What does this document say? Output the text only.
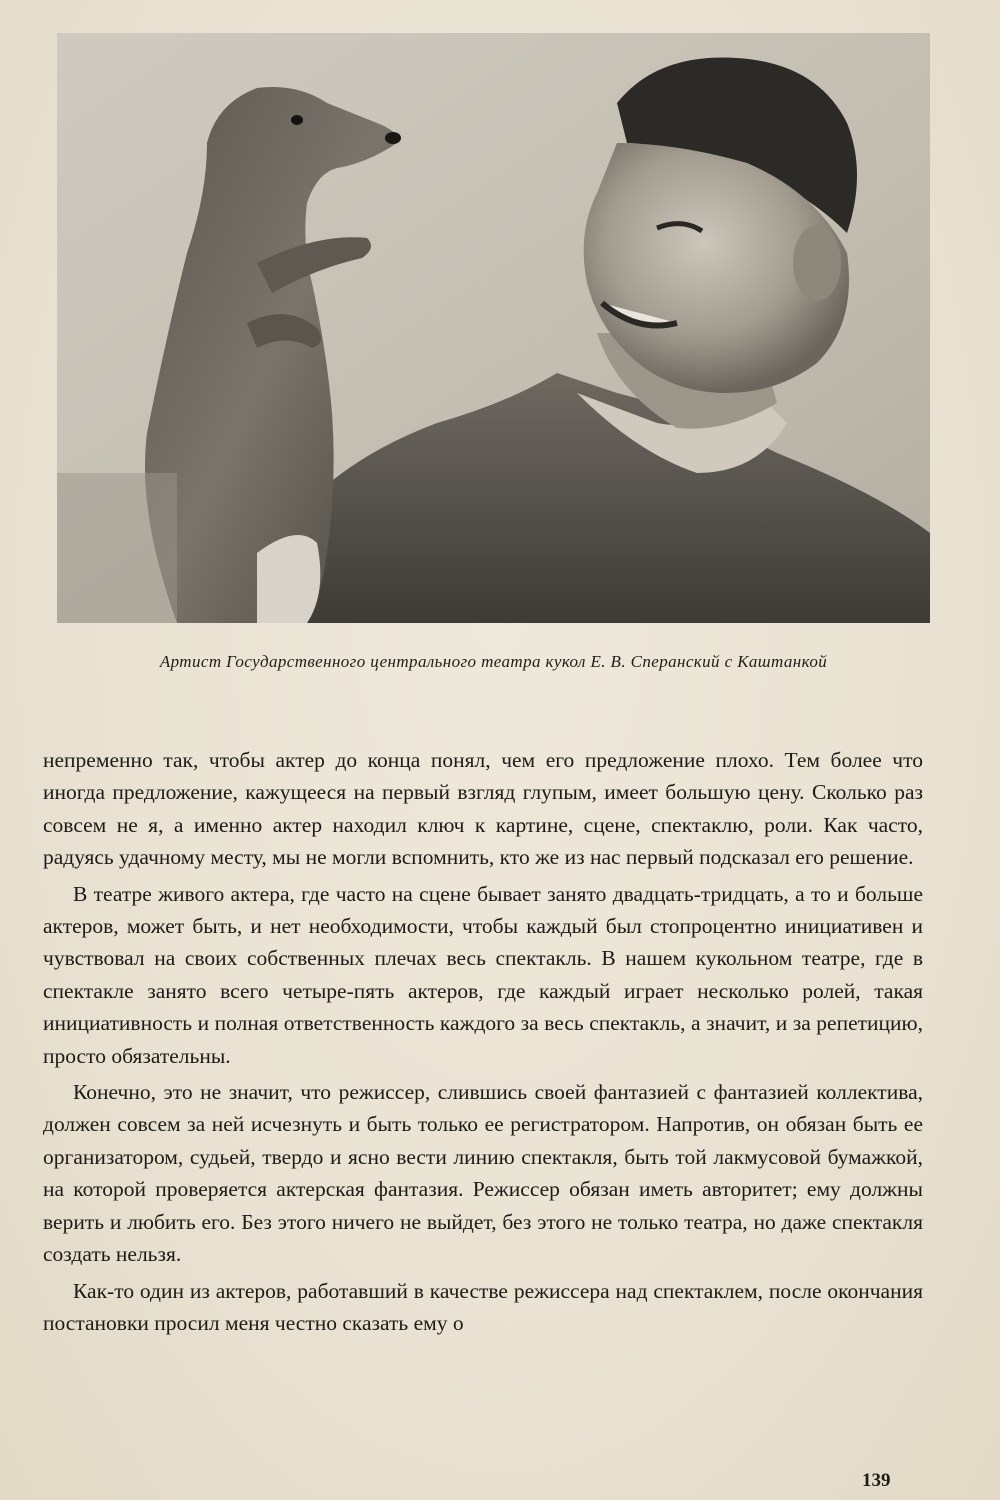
Артист Государственного центрального театра кукол Е. В. Сперанский с Каштанкой

непременно так, чтобы актер до конца понял, чем его предложение плохо. Тем более что иногда предложение, кажущееся на первый взгляд глупым, имеет большую цену. Сколько раз совсем не я, а именно актер находил ключ к картине, сцене, спектаклю, роли. Как часто, радуясь удачному месту, мы не могли вспомнить, кто же из нас первый подсказал его решение.

В театре живого актера, где часто на сцене бывает занято двадцать-тридцать, а то и больше актеров, может быть, и нет необходимости, чтобы каждый был стопроцентно инициативен и чувствовал на своих собственных плечах весь спектакль. В нашем кукольном театре, где в спектакле занято всего четыре-пять актеров, где каждый играет несколько ролей, такая инициативность и полная ответственность каждого за весь спектакль, а значит, и за репетицию, просто обязательны.

Конечно, это не значит, что режиссер, слившись своей фантазией с фантазией коллектива, должен совсем за ней исчезнуть и быть только ее регистратором. Напротив, он обязан быть ее организатором, судьей, твердо и ясно вести линию спектакля, быть той лакмусовой бумажкой, на которой проверяется актерская фантазия. Режиссер обязан иметь авторитет; ему должны верить и любить его. Без этого ничего не выйдет, без этого не только театра, но даже спектакля создать нельзя.

Как-то один из актеров, работавший в качестве режиссера над спектаклем, после окончания постановки просил меня честно сказать ему о

139
